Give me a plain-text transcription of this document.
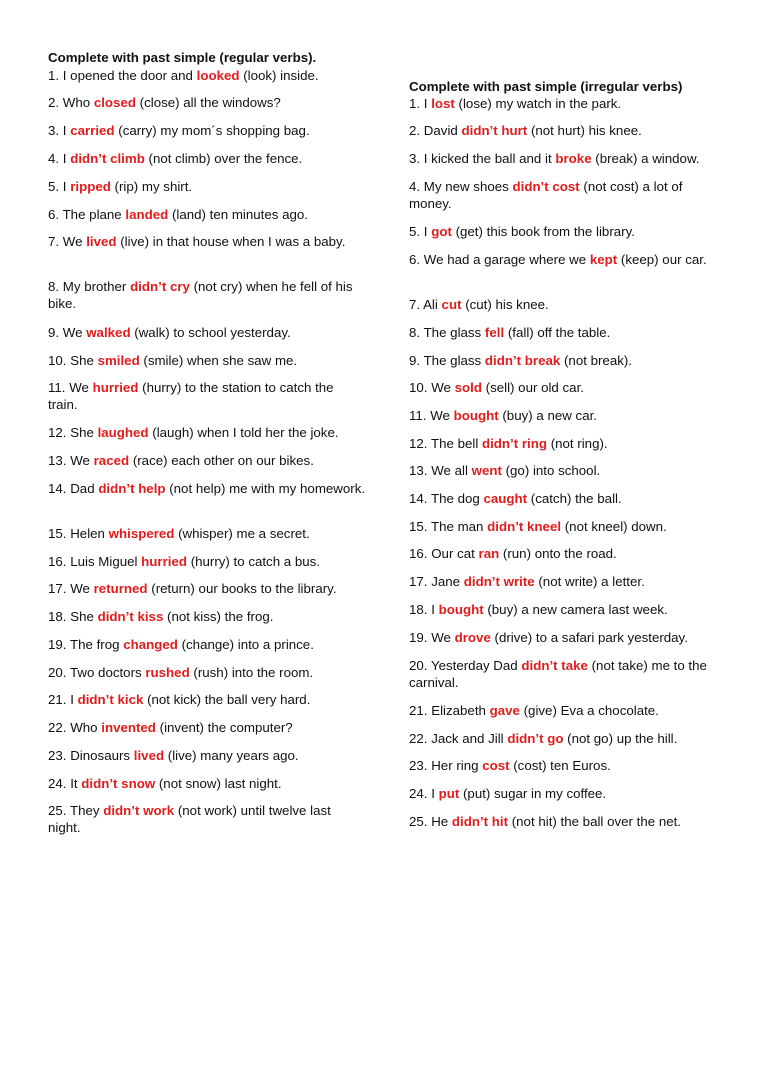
Complete with past simple (regular verbs).
1. I opened the door and looked (look) inside.
2. Who closed (close) all the windows?
3. I carried (carry) my mom´s shopping bag.
4. I didn’t climb (not climb) over the fence.
5. I ripped (rip) my shirt.
6. The plane landed (land) ten minutes ago.
7. We lived (live) in that house when I was a baby.
8. My brother didn’t cry (not cry) when he fell of his bike.
9. We walked (walk) to school yesterday.
10. She smiled (smile) when she saw me.
11. We hurried (hurry) to the station to catch the train.
12. She laughed (laugh) when I told her the joke.
13. We raced (race) each other on our bikes.
14. Dad didn’t help (not help) me with my homework.
15. Helen whispered (whisper) me a secret.
16. Luis Miguel hurried (hurry) to catch a bus.
17. We returned (return) our books to the library.
18. She didn’t kiss (not kiss) the frog.
19. The frog changed (change) into a prince.
20. Two doctors rushed (rush) into the room.
21. I didn’t kick (not kick) the ball very hard.
22. Who invented (invent) the computer?
23. Dinosaurs lived (live) many years ago.
24. It didn’t snow (not snow) last night.
25. They didn’t work (not work) until twelve last night.
Complete with past simple (irregular verbs)
1. I lost (lose) my watch in the park.
2. David didn’t hurt (not hurt) his knee.
3. I kicked the ball and it broke (break) a window.
4. My new shoes didn’t cost (not cost) a lot of money.
5. I got (get) this book from the library.
6. We had a garage where we kept (keep) our car.
7. Ali cut (cut) his knee.
8. The glass fell (fall) off the table.
9. The glass didn’t break (not break).
10. We sold (sell) our old car.
11. We bought (buy) a new car.
12. The bell didn’t ring (not ring).
13. We all went (go) into school.
14. The dog caught (catch) the ball.
15. The man didn’t kneel (not kneel) down.
16. Our cat ran (run) onto the road.
17. Jane didn’t write (not write) a letter.
18. I bought (buy) a new camera last week.
19. We drove (drive) to a safari park yesterday.
20. Yesterday Dad didn’t take (not take) me to the carnival.
21. Elizabeth gave (give) Eva a chocolate.
22. Jack and Jill didn’t go (not go) up the hill.
23. Her ring cost (cost) ten Euros.
24. I put (put) sugar in my coffee.
25. He didn’t hit (not hit) the ball over the net.
